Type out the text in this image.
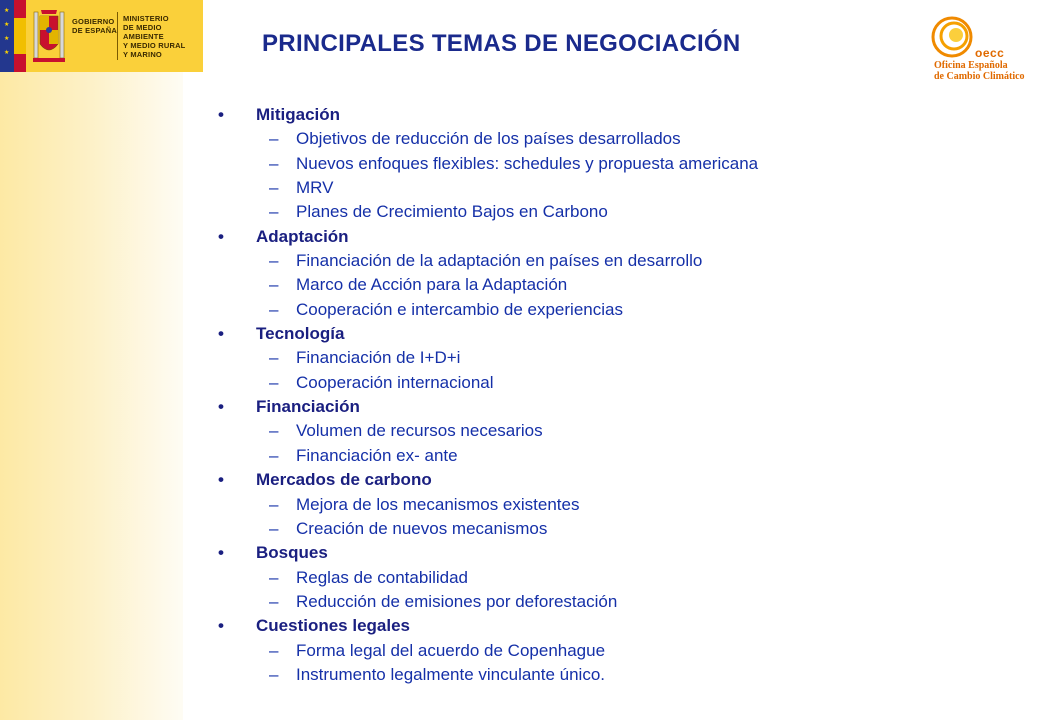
★
★
★
★
GOBIERNO
DE ESPAÑA
MINISTERIO
DE MEDIO AMBIENTE
Y MEDIO RURAL
Y MARINO	PRINCIPALES TEMAS DE NEGOCIACIÓN	oecc
Oficina Española
de Cambio Climático
• Mitigación
– Objetivos de reducción de los países desarrollados
– Nuevos enfoques flexibles: schedules y propuesta americana
– MRV
– Planes de Crecimiento Bajos en Carbono
• Adaptación
– Financiación de la adaptación en países en desarrollo
– Marco de Acción para la Adaptación
– Cooperación e intercambio de experiencias
• Tecnología
– Financiación de I+D+i
– Cooperación internacional
• Financiación
– Volumen de recursos necesarios
– Financiación ex- ante
• Mercados de carbono
– Mejora de los mecanismos existentes
– Creación de nuevos mecanismos
• Bosques
– Reglas de contabilidad
– Reducción de emisiones por deforestación
• Cuestiones legales
– Forma legal del acuerdo de Copenhague
– Instrumento legalmente vinculante único.
